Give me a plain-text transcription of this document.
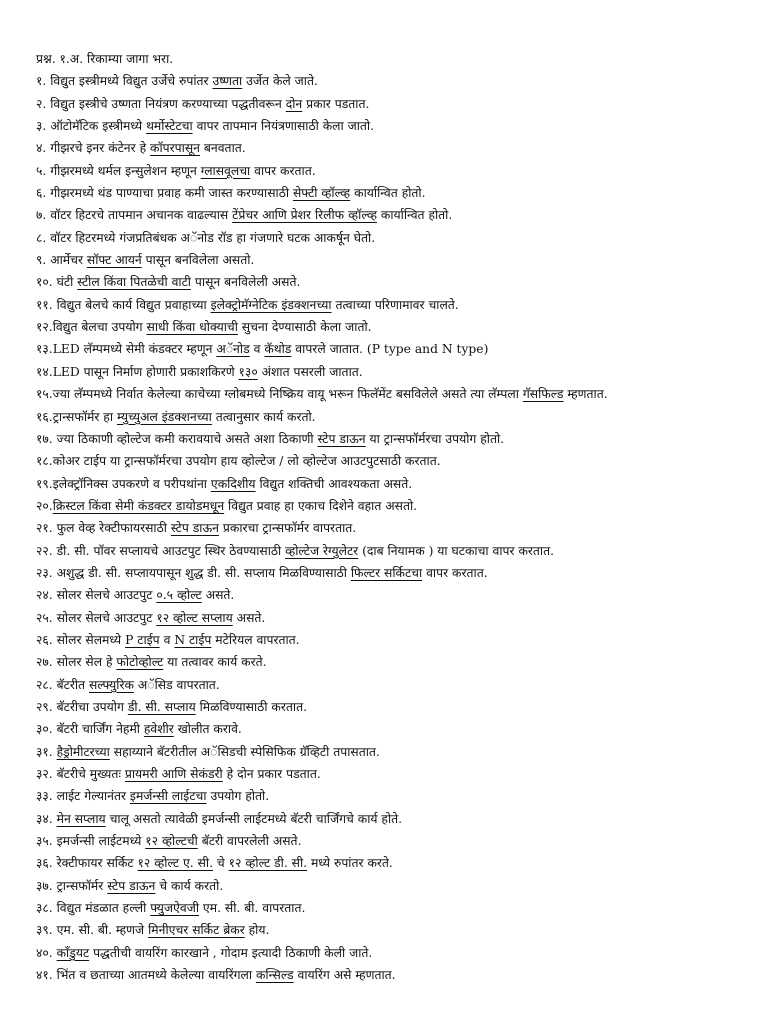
प्रश्न. १.अ. रिकाम्या जागा भरा.
१. विद्युत इस्त्रीमध्ये विद्युत उर्जेचे रुपांतर उष्णता उर्जेत केले जाते.
२. विद्युत इस्त्रीचे उष्णता नियंत्रण करण्याच्या पद्धतीवरून दोन प्रकार पडतात.
३. ऑटोमॅटिक इस्त्रीमध्ये थर्मोस्टेटचा वापर तापमान नियंत्रणासाठी केला जातो.
४. गीझरचे इनर कंटेनर हे कॉपरपासून बनवतात.
५. गीझरमध्ये थर्मल इन्सुलेशन म्हणून ग्लासवूलचा वापर करतात.
६. गीझरमध्ये थंड पाण्याचा प्रवाह कमी जास्त करण्यासाठी सेफ्टी व्हॉल्व्ह कार्यान्वित होतो.
७. वॉटर हिटरचे तापमान अचानक वाढल्यास टेंप्रेचर आणि प्रेशर रिलीफ व्हॉल्व्ह कार्यान्वित होतो.
८. वॉटर हिटरमध्ये गंजप्रतिबंधक अॅनोड रॉड हा गंजणारे घटक आकर्षून घेतो.
९. आर्मेचर सॉफ्ट आयर्न पासून बनविलेला असतो.
१०. घंटी स्टील किंवा पितळेची वाटी पासून बनविलेली असते.
११. विद्युत बेलचे कार्य विद्युत प्रवाहाच्या इलेक्ट्रोमॅग्नेटिक इंडक्शनच्या तत्वाच्या परिणामावर चालते.
१२.विद्युत बेलचा उपयोग साधी किंवा धोक्याची सुचना देण्यासाठी केला जातो.
१३.LED लॅम्पमध्ये सेमी कंडक्टर म्हणून अॅनोड व कॅथोड वापरले जातात. (P type and N type)
१४.LED पासून निर्माण होणारी प्रकाशकिरणे १३० अंशात पसरली जातात.
१५.ज्या लॅम्पमध्ये निर्वात केलेल्या काचेच्या ग्लोबमध्ये निष्क्रिय वायू भरून फिलॅमेंट बसविलेले असते त्या लॅम्पला गॅसफिल्ड म्हणतात.
१६.ट्रान्सफॉर्मर हा म्युच्युअल इंडक्शनच्या तत्वानुसार कार्य करतो.
१७. ज्या ठिकाणी व्होल्टेज कमी करावयाचे असते अशा ठिकाणी स्टेप डाऊन या ट्रान्सफॉर्मरचा उपयोग होतो.
१८.कोअर टाईप या ट्रान्सफॉर्मरचा उपयोग हाय व्होल्टेज / लो व्होल्टेज आउटपुटसाठी करतात.
१९.इलेक्ट्रॉनिक्स उपकरणे व परीपथांना एकदिशीय विद्युत शक्तिची आवश्यकता असते.
२०.क्रिस्टल किंवा सेमी कंडक्टर डायोडमधून विद्युत प्रवाह हा एकाच दिशेने वहात असतो.
२१. फुल वेव्ह रेक्टीफायरसाठी स्टेप डाऊन प्रकारचा ट्रान्सफॉर्मर वापरतात.
२२. डी. सी. पॉवर सप्लायचे आउटपुट स्थिर ठेवण्यासाठी व्होल्टेज रेग्युलेटर (दाब नियामक ) या घटकाचा वापर करतात.
२३. अशुद्ध डी. सी. सप्लायपासून शुद्ध डी. सी. सप्लाय मिळविण्यासाठी फिल्टर सर्किटचा वापर करतात.
२४. सोलर सेलचे आउटपुट ०.५ व्होल्ट असते.
२५. सोलर सेलचे आउटपुट १२ व्होल्ट सप्लाय असते.
२६. सोलर सेलमध्ये P टाईप व N टाईप मटेरियल वापरतात.
२७. सोलर सेल हे फोटोव्होल्ट या तत्वावर कार्य करते.
२८. बॅटरीत सल्फ्युरिक अॅसिड वापरतात.
२९. बॅटरीचा उपयोग डी. सी. सप्लाय मिळविण्यासाठी करतात.
३०. बॅटरी चार्जिंग नेहमी हवेशीर खोलीत करावे.
३१. हैड्रोमीटरच्या सहाय्याने बॅटरीतील अॅसिडची स्पेसिफिक ग्रॅव्हिटी तपासतात.
३२. बॅटरीचे मुख्यतः प्रायमरी आणि सेकंडरी हे दोन प्रकार पडतात.
३३. लाईट गेल्यानंतर इमर्जन्सी लाईटचा उपयोग होतो.
३४. मेन सप्लाय चालू असतो त्यावेळी इमर्जन्सी लाईटमध्ये बॅटरी चार्जिंगचे कार्य होते.
३५. इमर्जन्सी लाईटमध्ये १२ व्होल्टची बॅटरी वापरलेली असते.
३६. रेक्टीफायर सर्किट १२ व्होल्ट ए. सी. चे १२ व्होल्ट डी. सी. मध्ये रुपांतर करते.
३७. ट्रान्सफॉर्मर स्टेप डाऊन चे कार्य करतो.
३८. विद्युत मंडळात हल्ली फ्युजऐवजी एम. सी. बी. वापरतात.
३९. एम. सी. बी. म्हणजे मिनीएचर सर्किट ब्रेकर होय.
४०. कॉंडुयट पद्धतीची वायरिंग कारखाने , गोदाम इत्यादी ठिकाणी केली जाते.
४१. भिंत व छताच्या आतमध्ये केलेल्या वायरिंगला कन्सिल्ड वायरिंग असे म्हणतात.
